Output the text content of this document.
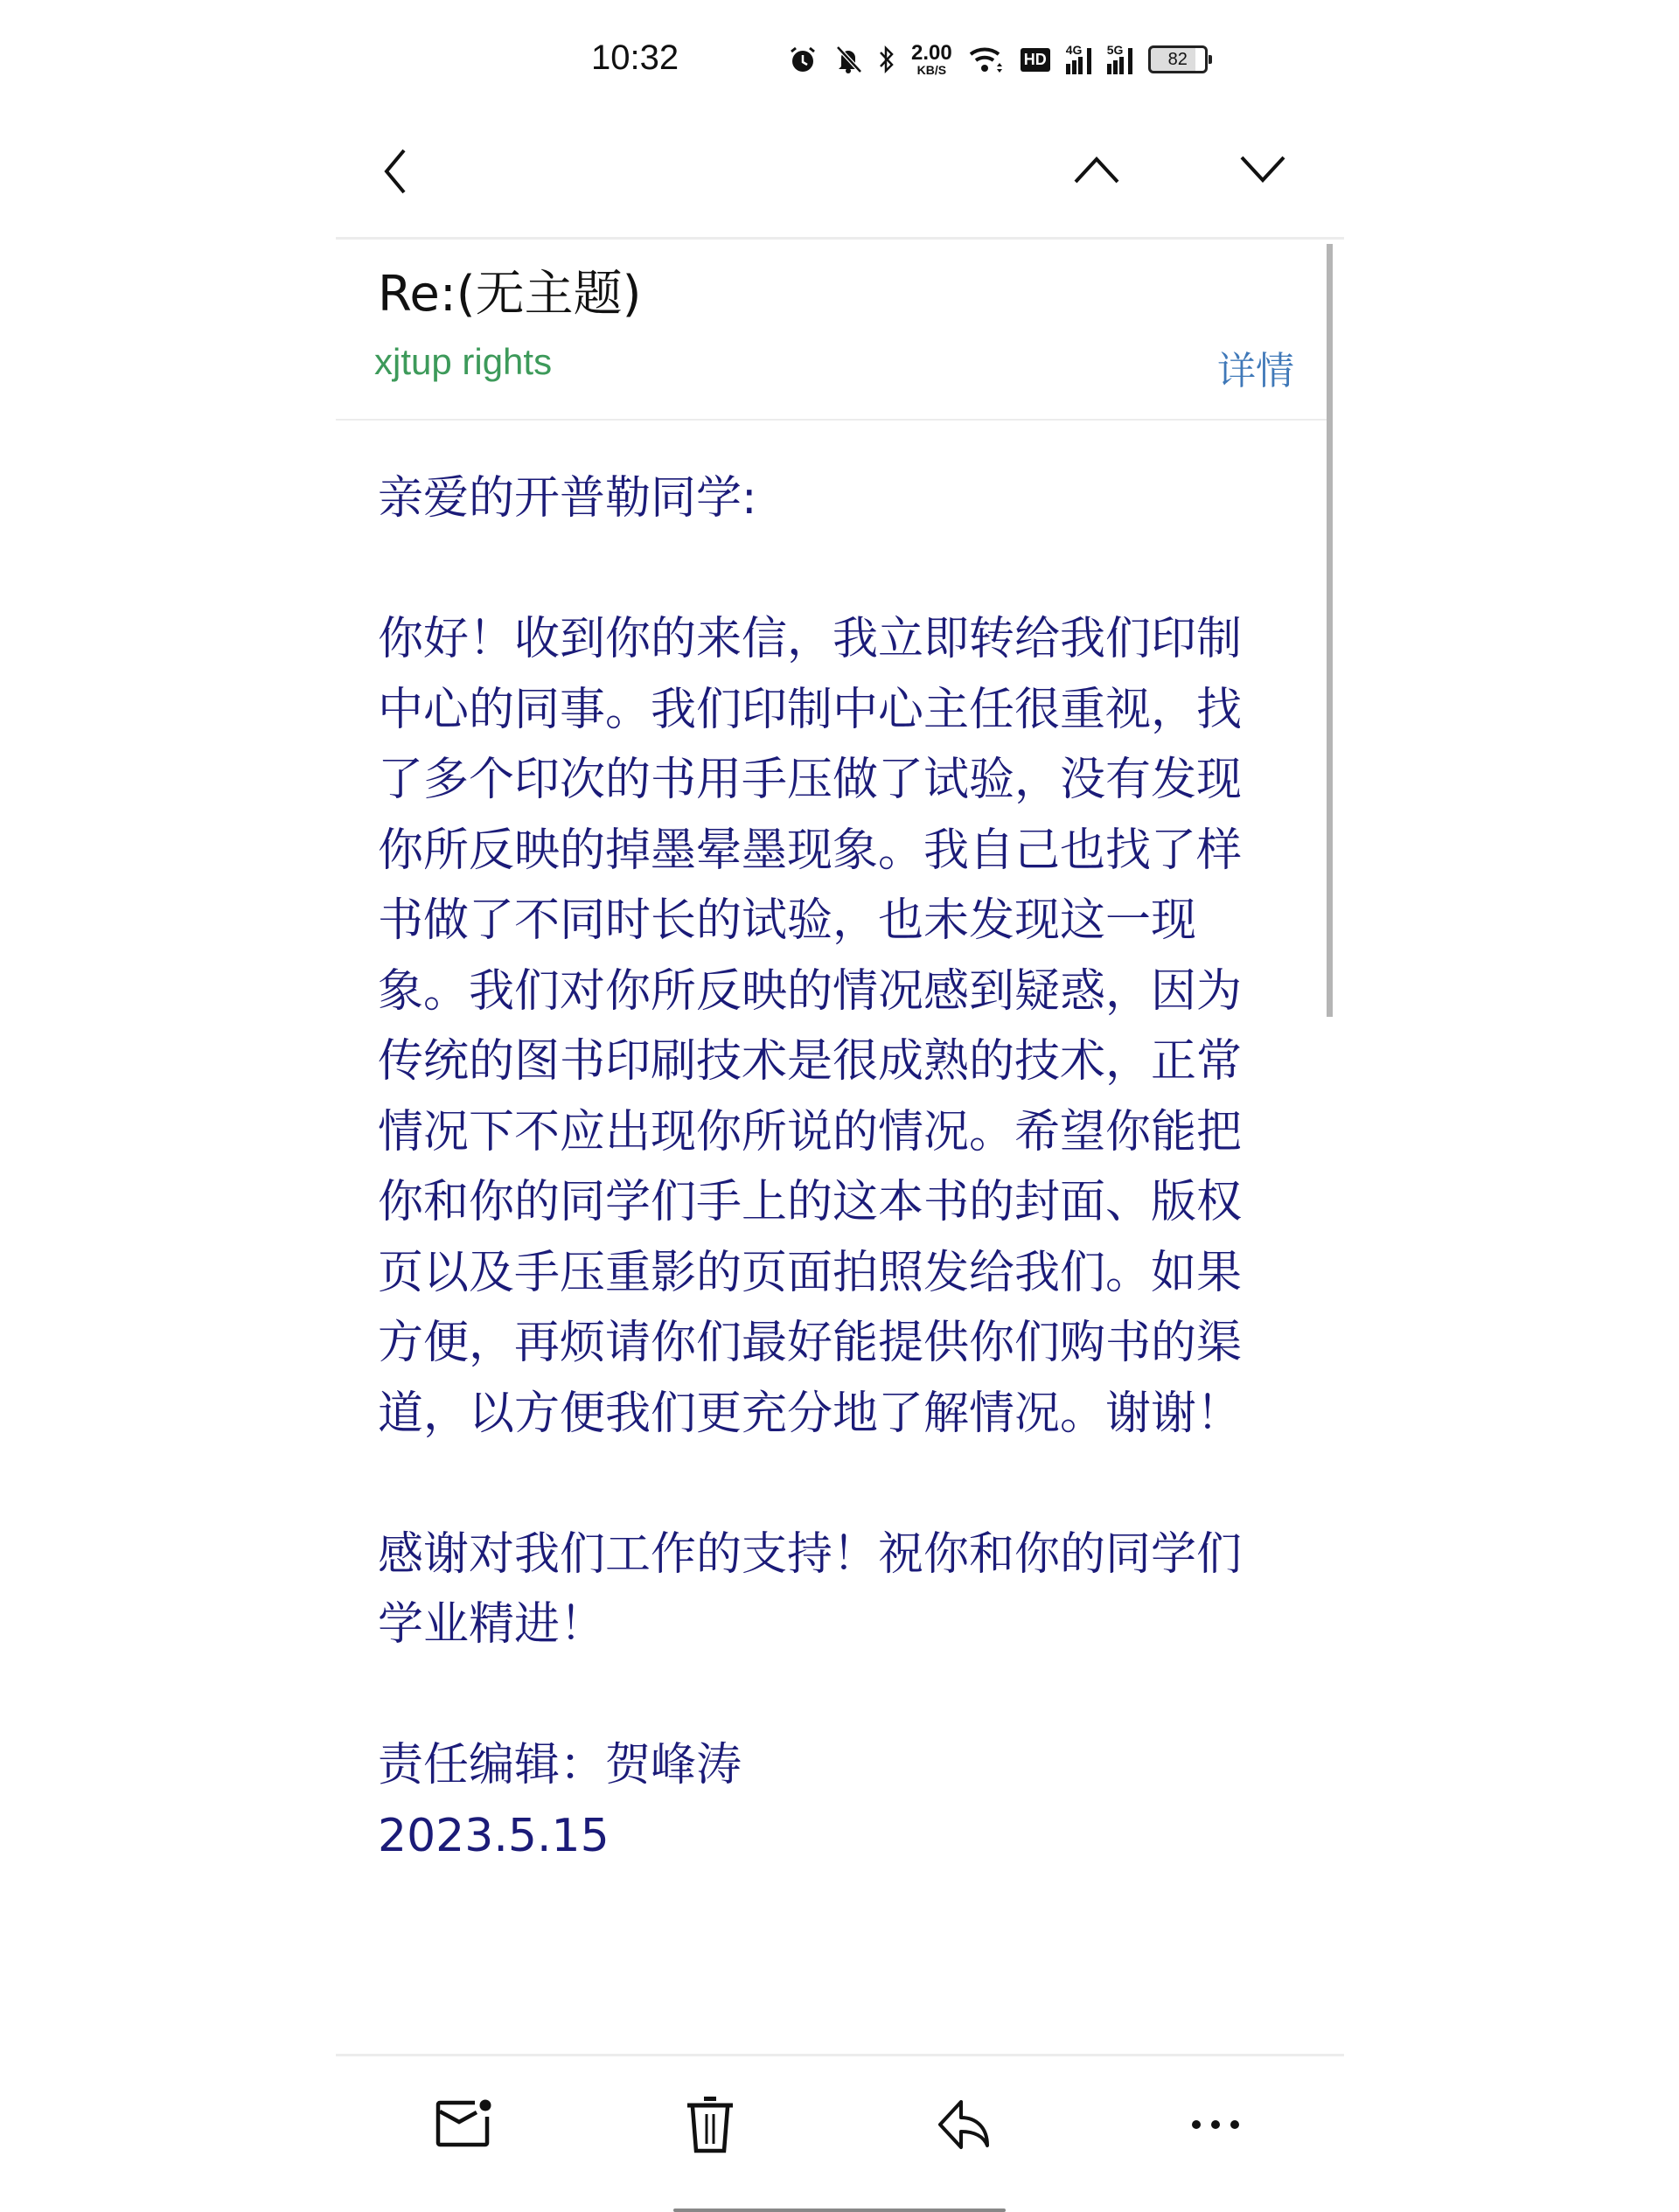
10:32	2.00
KB/S
HD
4G 5G	82
Re:(无主题)
xjtup rights	详情

亲爱的开普勒同学:

你好！收到你的来信，我立即转给我们印制

中心的同事。我们印制中心主任很重视，找

了多个印次的书用手压做了试验，没有发现

你所反映的掉墨晕墨现象。我自己也找了样

书做了不同时长的试验，也未发现这一现

象。我们对你所反映的情况感到疑惑，因为

传统的图书印刷技术是很成熟的技术，正常

情况下不应出现你所说的情况。希望你能把

你和你的同学们手上的这本书的封面、版权

页以及手压重影的页面拍照发给我们。如果

方便，再烦请你们最好能提供你们购书的渠

道，以方便我们更充分地了解情况。谢谢！

感谢对我们工作的支持！祝你和你的同学们

学业精进！

责任编辑：贺峰涛

2023.5.15
